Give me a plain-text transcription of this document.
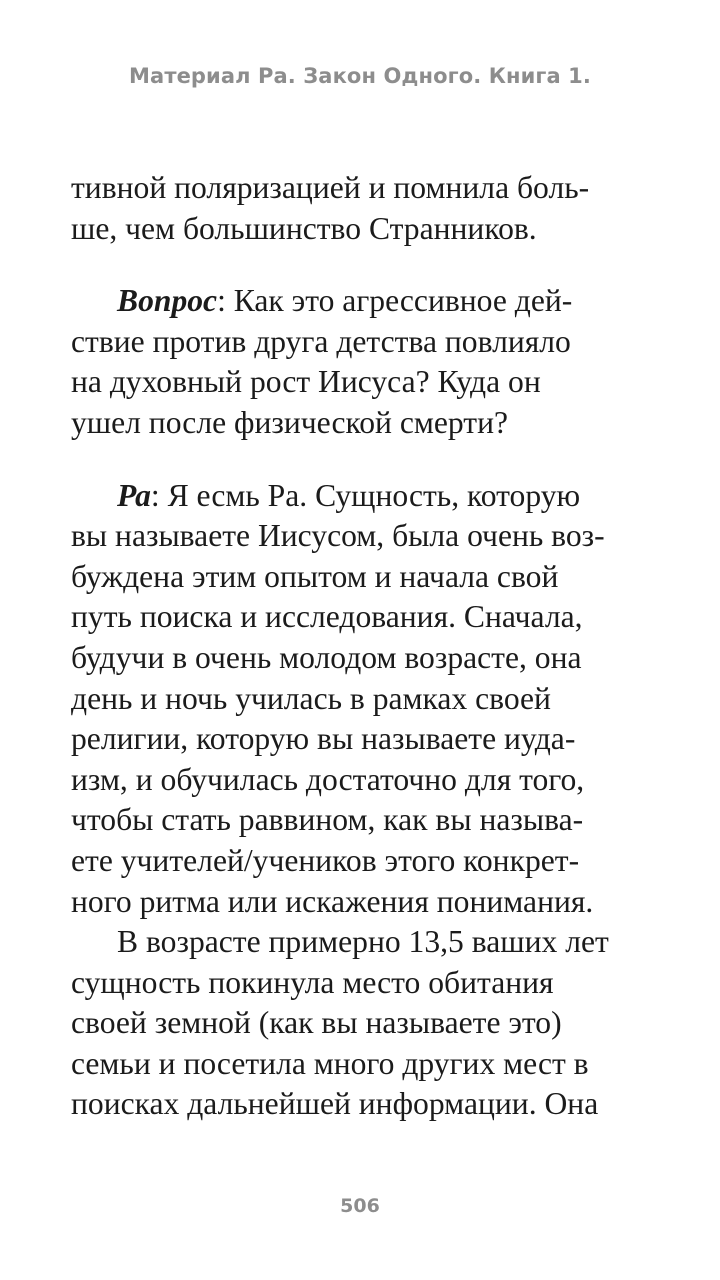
Материал Ра. Закон Одного. Книга 1.
тивной поляризацией и помнила боль-
ше, чем большинство Странников.
Вопрос: Как это агрессивное дей-
ствие против друга детства повлияло
на духовный рост Иисуса? Куда он
ушел после физической смерти?
Ра: Я есмь Ра. Сущность, которую
вы называете Иисусом, была очень воз-
буждена этим опытом и начала свой
путь поиска и исследования. Сначала,
будучи в очень молодом возрасте, она
день и ночь училась в рамках своей
религии, которую вы называете иуда-
изм, и обучилась достаточно для того,
чтобы стать раввином, как вы называ-
ете учителей/учеников этого конкрет-
ного ритма или искажения понимания.
В возрасте примерно 13,5 ваших лет
сущность покинула место обитания
своей земной (как вы называете это)
семьи и посетила много других мест в
поисках дальнейшей информации. Она
506
